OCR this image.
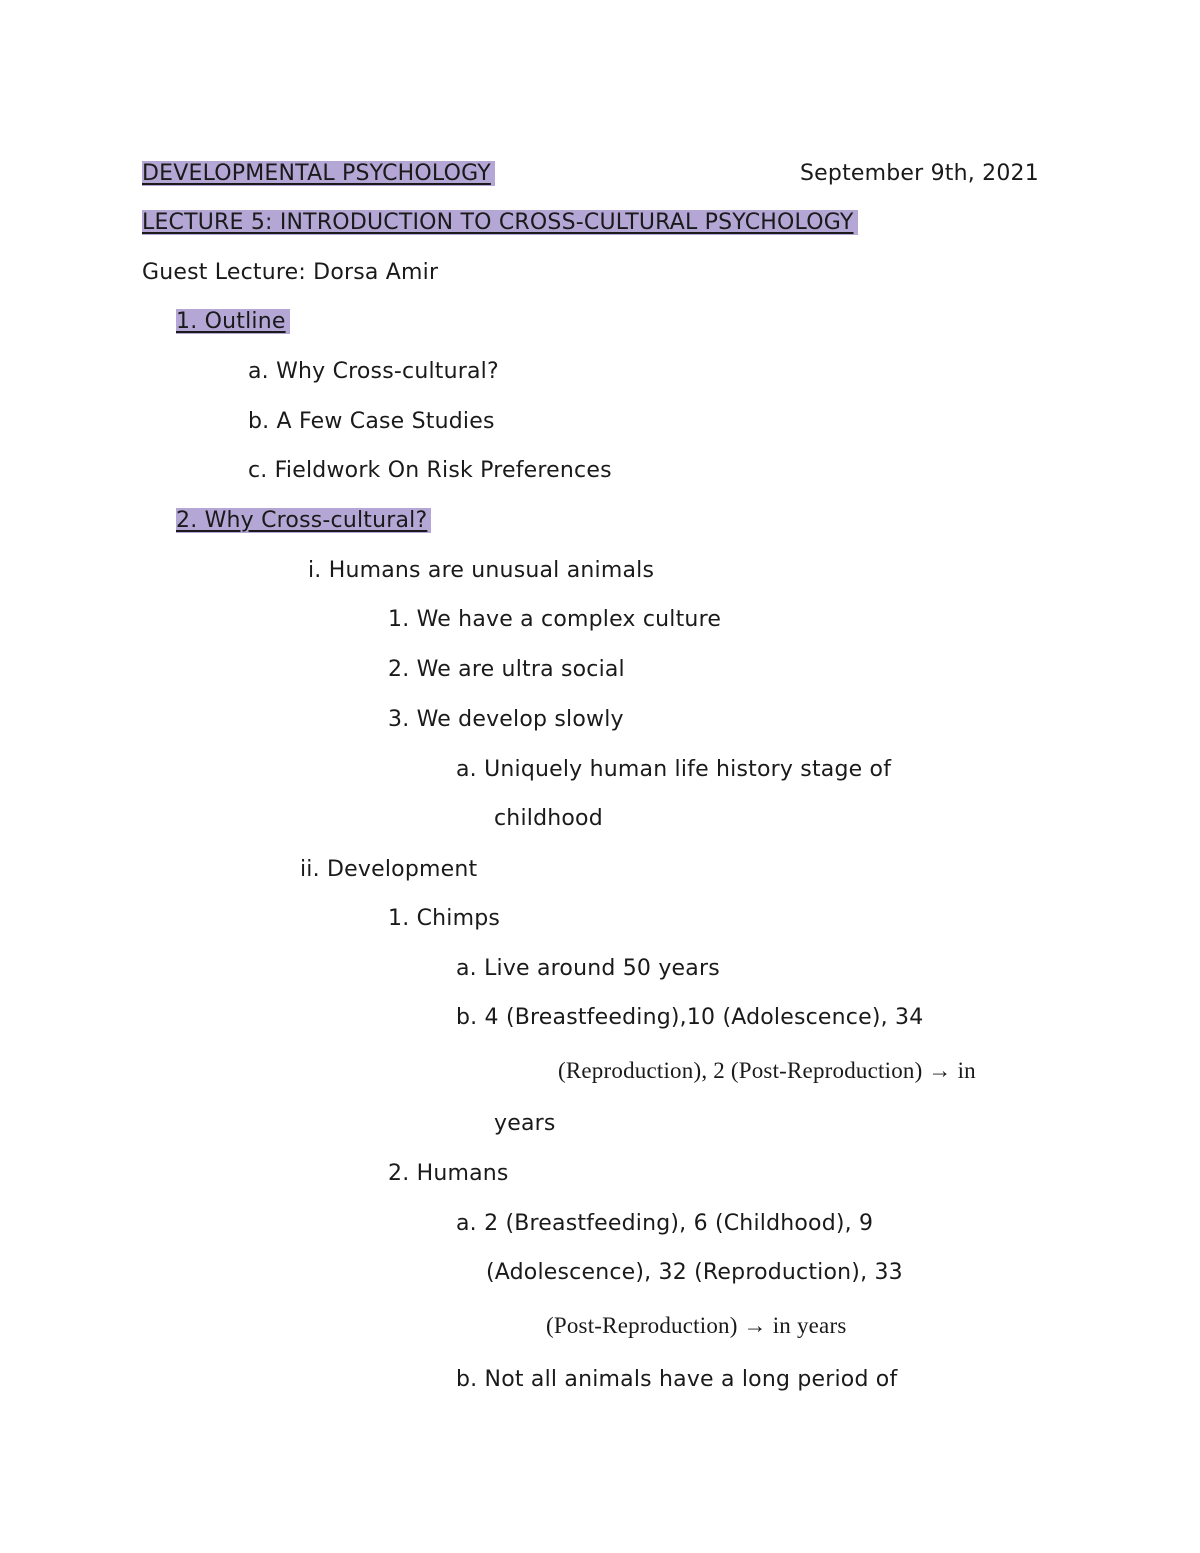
DEVELOPMENTAL PSYCHOLOGY	September 9th, 2021
LECTURE 5: INTRODUCTION TO CROSS-CULTURAL PSYCHOLOGY
Guest Lecture: Dorsa Amir
1. Outline
a. Why Cross-cultural?
b. A Few Case Studies
c. Fieldwork On Risk Preferences
2. Why Cross-cultural?
i. Humans are unusual animals
1. We have a complex culture
2. We are ultra social
3. We develop slowly
a. Uniquely human life history stage of
childhood
ii. Development
1. Chimps
a. Live around 50 years
b. 4 (Breastfeeding),10 (Adolescence), 34
(Reproduction), 2 (Post-Reproduction) → in
years
2. Humans
a. 2 (Breastfeeding), 6 (Childhood), 9
(Adolescence), 32 (Reproduction), 33
(Post-Reproduction) → in years
b. Not all animals have a long period of
